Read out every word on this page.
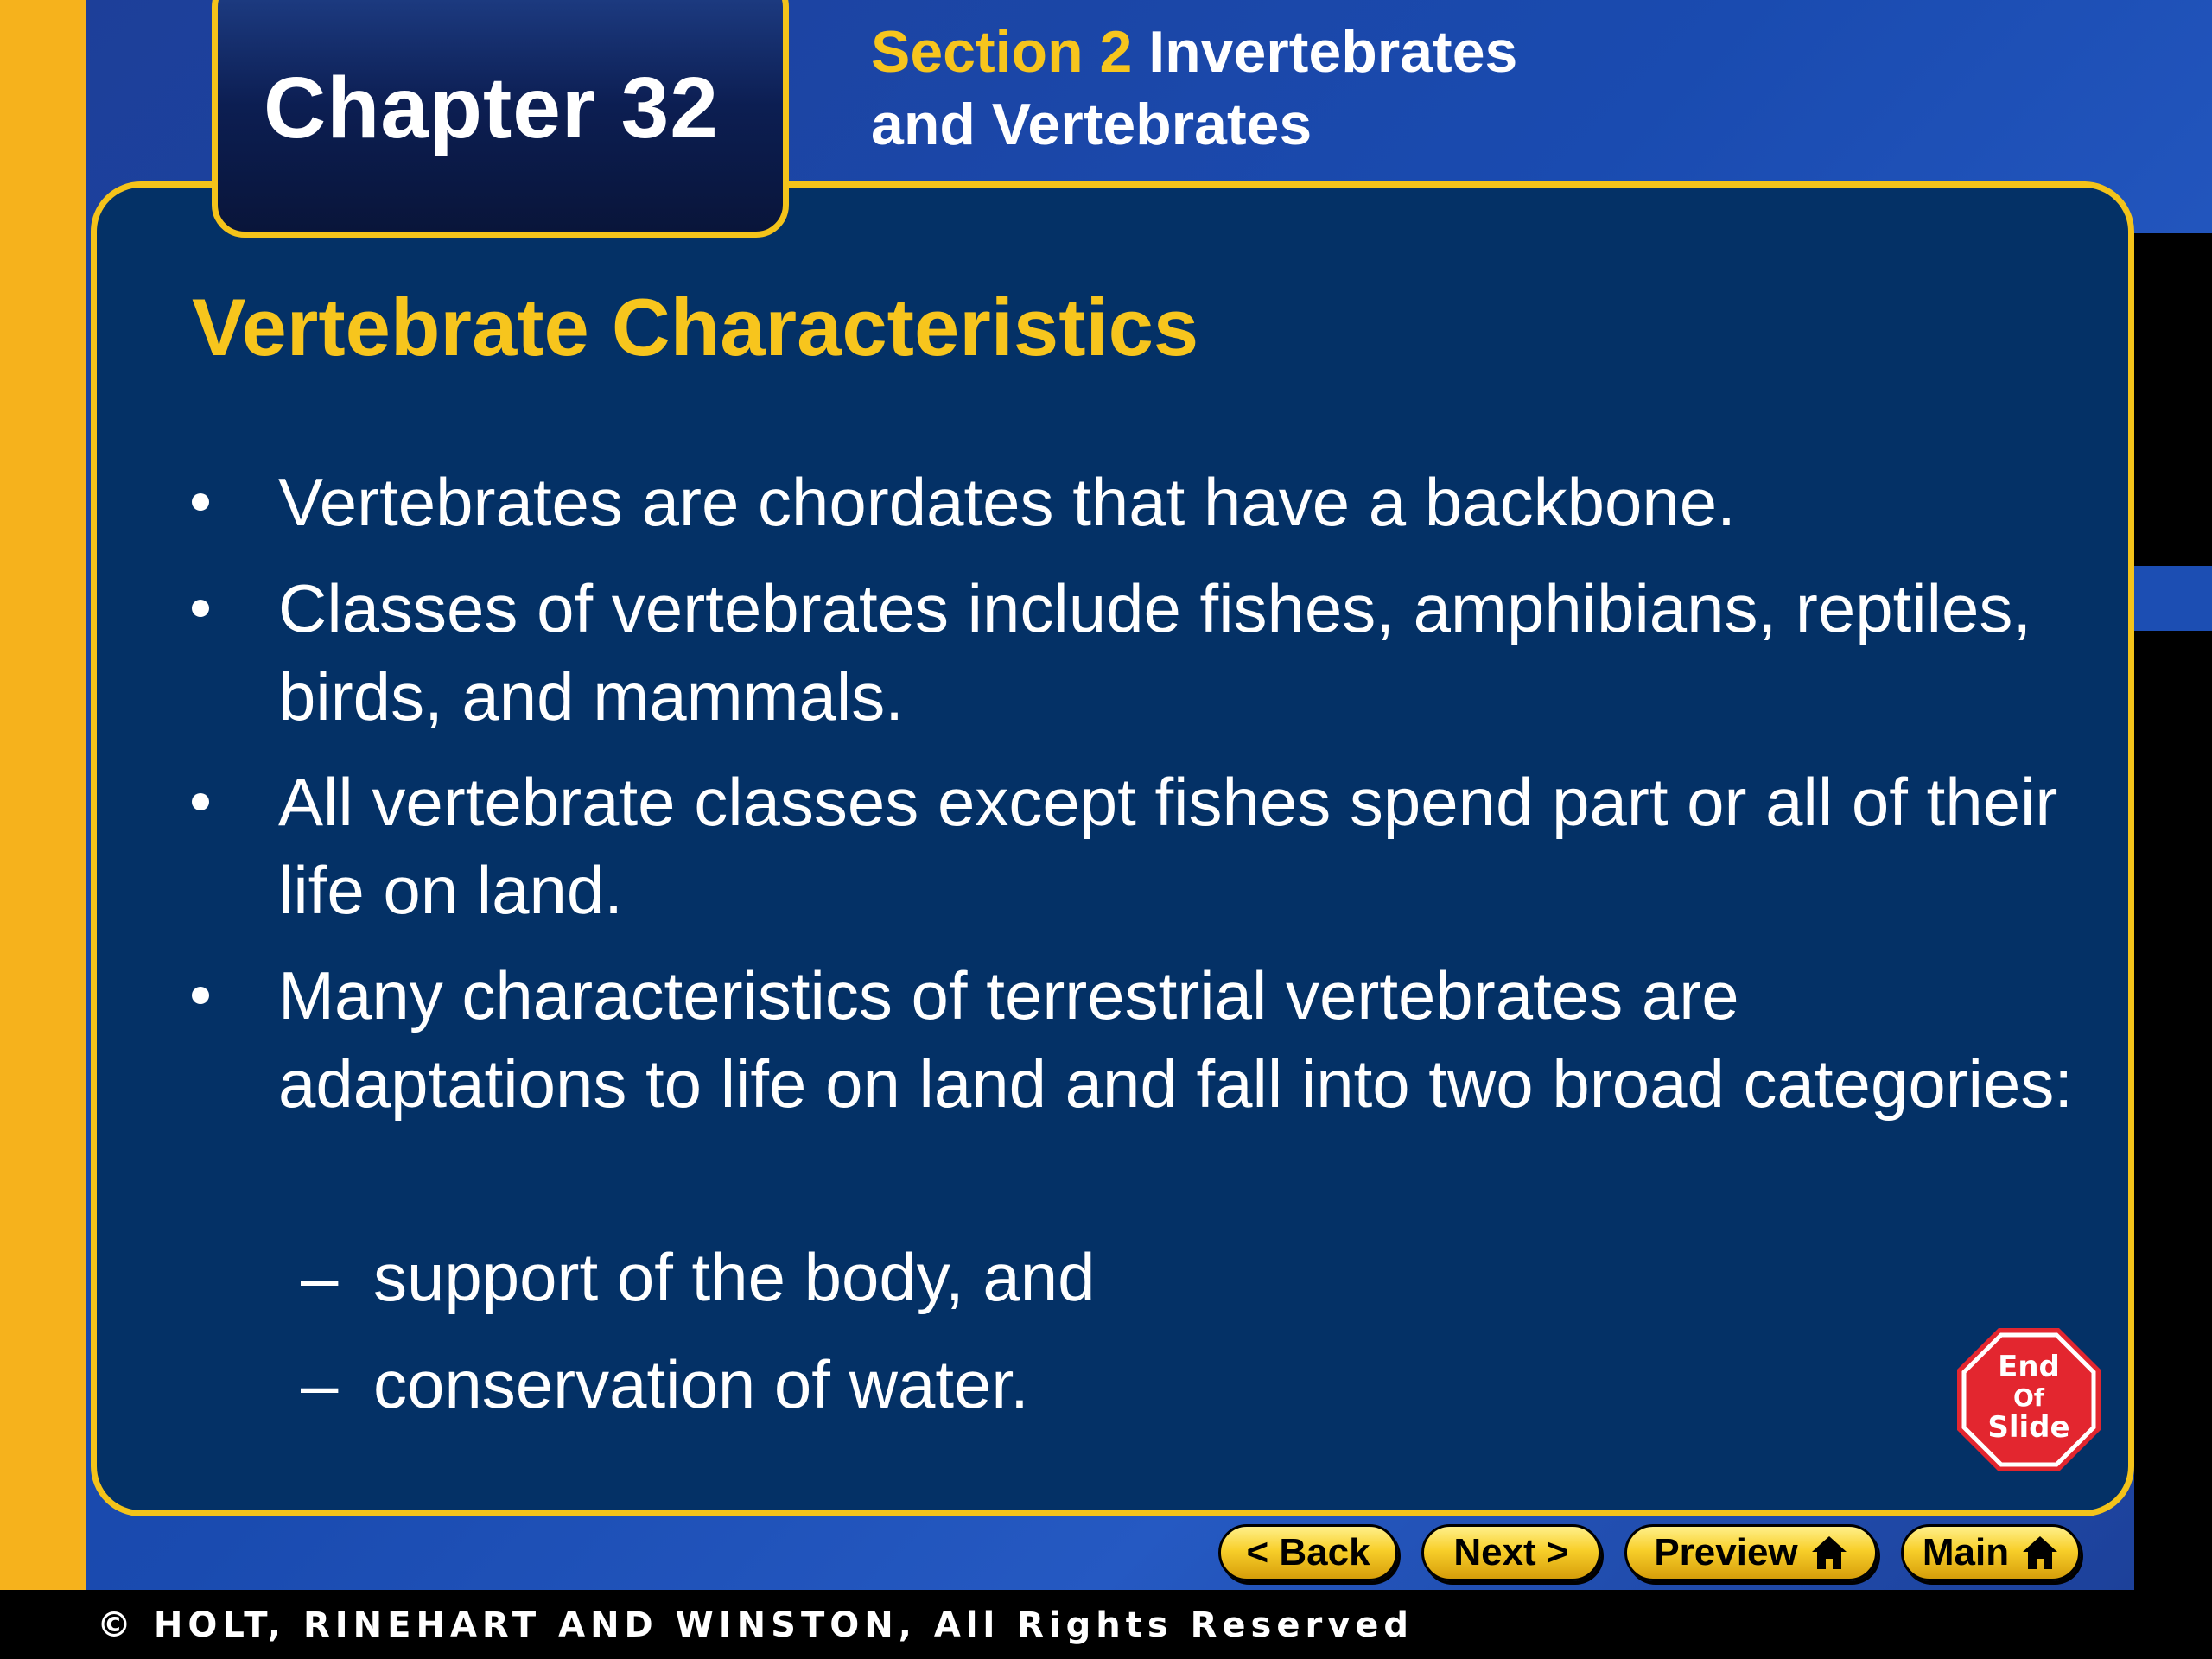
Chapter 32
Section 2 Invertebrates
and Vertebrates
Vertebrate Characteristics
Vertebrates are chordates that have a backbone.
Classes of vertebrates include fishes, amphibians, reptiles, birds, and mammals.
All vertebrate classes except fishes spend part or all of their life on land.
Many characteristics of terrestrial vertebrates are adaptations to life on land and fall into two broad categories:
– support of the body, and
– conservation of water.	End
Of
Slide
< Back Next > Preview	Main
© HOLT, RINEHART AND WINSTON, All Rights Reserved
